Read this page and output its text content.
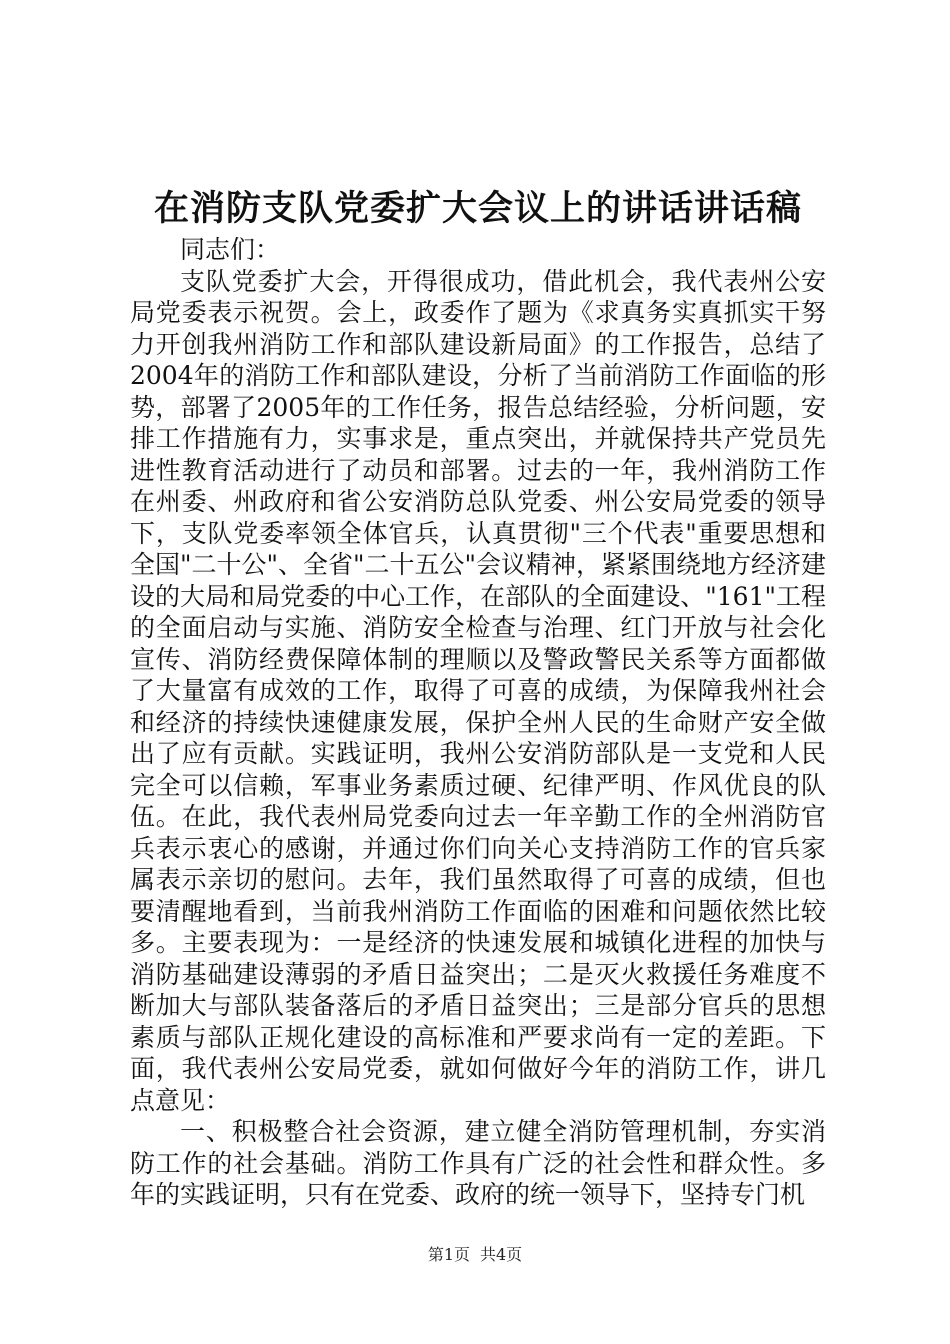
在消防支队党委扩大会议上的讲话讲话稿

同志们：

支队党委扩大会，开得很成功，借此机会，我代表州公安局党委表示祝贺。会上，政委作了题为《求真务实真抓实干努力开创我州消防工作和部队建设新局面》的工作报告，总结了2004年的消防工作和部队建设，分析了当前消防工作面临的形势，部署了2005年的工作任务，报告总结经验，分析问题，安排工作措施有力，实事求是，重点突出，并就保持共产党员先进性教育活动进行了动员和部署。过去的一年，我州消防工作在州委、州政府和省公安消防总队党委、州公安局党委的领导下，支队党委率领全体官兵，认真贯彻"三个代表"重要思想和全国"二十公"、全省"二十五公"会议精神，紧紧围绕地方经济建设的大局和局党委的中心工作，在部队的全面建设、"161"工程的全面启动与实施、消防安全检查与治理、红门开放与社会化宣传、消防经费保障体制的理顺以及警政警民关系等方面都做了大量富有成效的工作，取得了可喜的成绩，为保障我州社会和经济的持续快速健康发展，保护全州人民的生命财产安全做出了应有贡献。实践证明，我州公安消防部队是一支党和人民完全可以信赖，军事业务素质过硬、纪律严明、作风优良的队伍。在此，我代表州局党委向过去一年辛勤工作的全州消防官兵表示衷心的感谢，并通过你们向关心支持消防工作的官兵家属表示亲切的慰问。去年，我们虽然取得了可喜的成绩，但也要清醒地看到，当前我州消防工作面临的困难和问题依然比较多。主要表现为：一是经济的快速发展和城镇化进程的加快与消防基础建设薄弱的矛盾日益突出；二是灭火救援任务难度不断加大与部队装备落后的矛盾日益突出；三是部分官兵的思想素质与部队正规化建设的高标准和严要求尚有一定的差距。下面，我代表州公安局党委，就如何做好今年的消防工作，讲几点意见：

一、积极整合社会资源，建立健全消防管理机制，夯实消防工作的社会基础。消防工作具有广泛的社会性和群众性。多年的实践证明，只有在党委、政府的统一领导下，坚持专门机

第1页 共4页
